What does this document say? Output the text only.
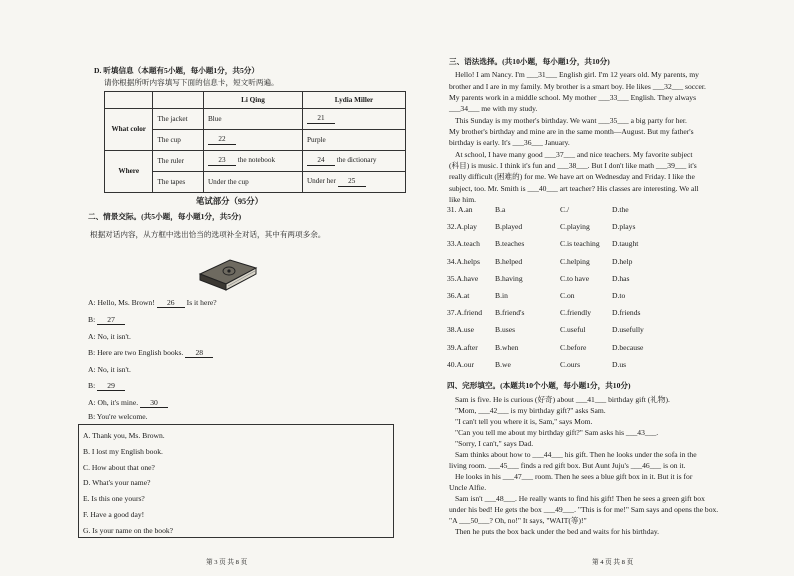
D. 听填信息（本题有5小题，每小题1分，共5分）
请你根据所听内容填写下面的信息卡，短文听两遍。
		Li Qing	Lydia Miller
What color	The jacket	Blue	21
	The cup	22	Purple
Where	The ruler	23 the notebook	24 the dictionary
	The tapes	Under the cup	Under her 25
笔试部分（95分）
二、情景交际。(共5小题，每小题1分，共5分)
根据对话内容，从方框中选出恰当的选项补全对话，其中有两项多余。
A: Hello, Ms. Brown! 26 Is it here?
B: 27
A: No, it isn't.
B: Here are two English books. 28
A: No, it isn't.
B: 29
A: Oh, it's mine. 30
B: You're welcome.
A. Thank you, Ms. Brown.
B. I lost my English book.
C. How about that one?
D. What's your name?
E. Is this one yours?
F. Have a good day!
G. Is your name on the book?
第 3 页 共 8 页
三、语法选择。(共10小题，每小题1分，共10分)
Hello! I am Nancy. I'm ___31___ English girl. I'm 12 years old. My parents, my
brother and I are in my family. My brother is a smart boy. He likes ___32___ soccer.
My parents work in a middle school. My mother ___33___ English. They always
___34___ me with my study.
This Sunday is my mother's birthday. We want ___35___ a big party for her.
My brother's birthday and mine are in the same month—August. But my father's
birthday is early. It's ___36___ January.
At school, I have many good ___37___ and nice teachers. My favorite subject
(科目) is music. I think it's fun and ___38___. But I don't like math ___39___ it's
really difficult (困难的) for me. We have art on Wednesday and Friday. I like the
subject, too. Mr. Smith is ___40___ art teacher? His classes are interesting. We all
like him.
31. A.an	B.a	C./	D.the
32.A.play B.played	C.playing	D.plays
33.A.teach B.teaches	C.is teaching D.taught
34.A.helps B.helped	C.helping	D.help
35.A.have B.having	C.to have	D.has
36.A.at	B.in	C.on	D.to
37.A.friend B.friend's	C.friendly	D.friends
38.A.use	B.uses	C.useful	D.usefully
39.A.after B.when	C.before	D.because
40.A.our	B.we	C.ours	D.us
四、完形填空。(本题共10个小题，每小题1分，共10分)
Sam is five. He is curious (好奇) about ___41___ birthday gift (礼物).
"Mom, ___42___ is my birthday gift?" asks Sam.
"I can't tell you where it is, Sam," says Mom.
"Can you tell me about my birthday gift?" Sam asks his ___43___.
"Sorry, I can't," says Dad.
Sam thinks about how to ___44___ his gift. Then he looks under the sofa in the
living room. ___45___ finds a red gift box. But Aunt Juju's ___46___ is on it.
He looks in his ___47___ room. Then he sees a blue gift box in it. But it is for
Uncle Alfie.
Sam isn't ___48___. He really wants to find his gift! Then he sees a green gift box
under his bed! He gets the box ___49___. "This is for me!" Sam says and opens the box.
"A ___50___? Oh, no!" It says, "WAIT(等)!"
Then he puts the box back under the bed and waits for his birthday.
第 4 页 共 8 页
